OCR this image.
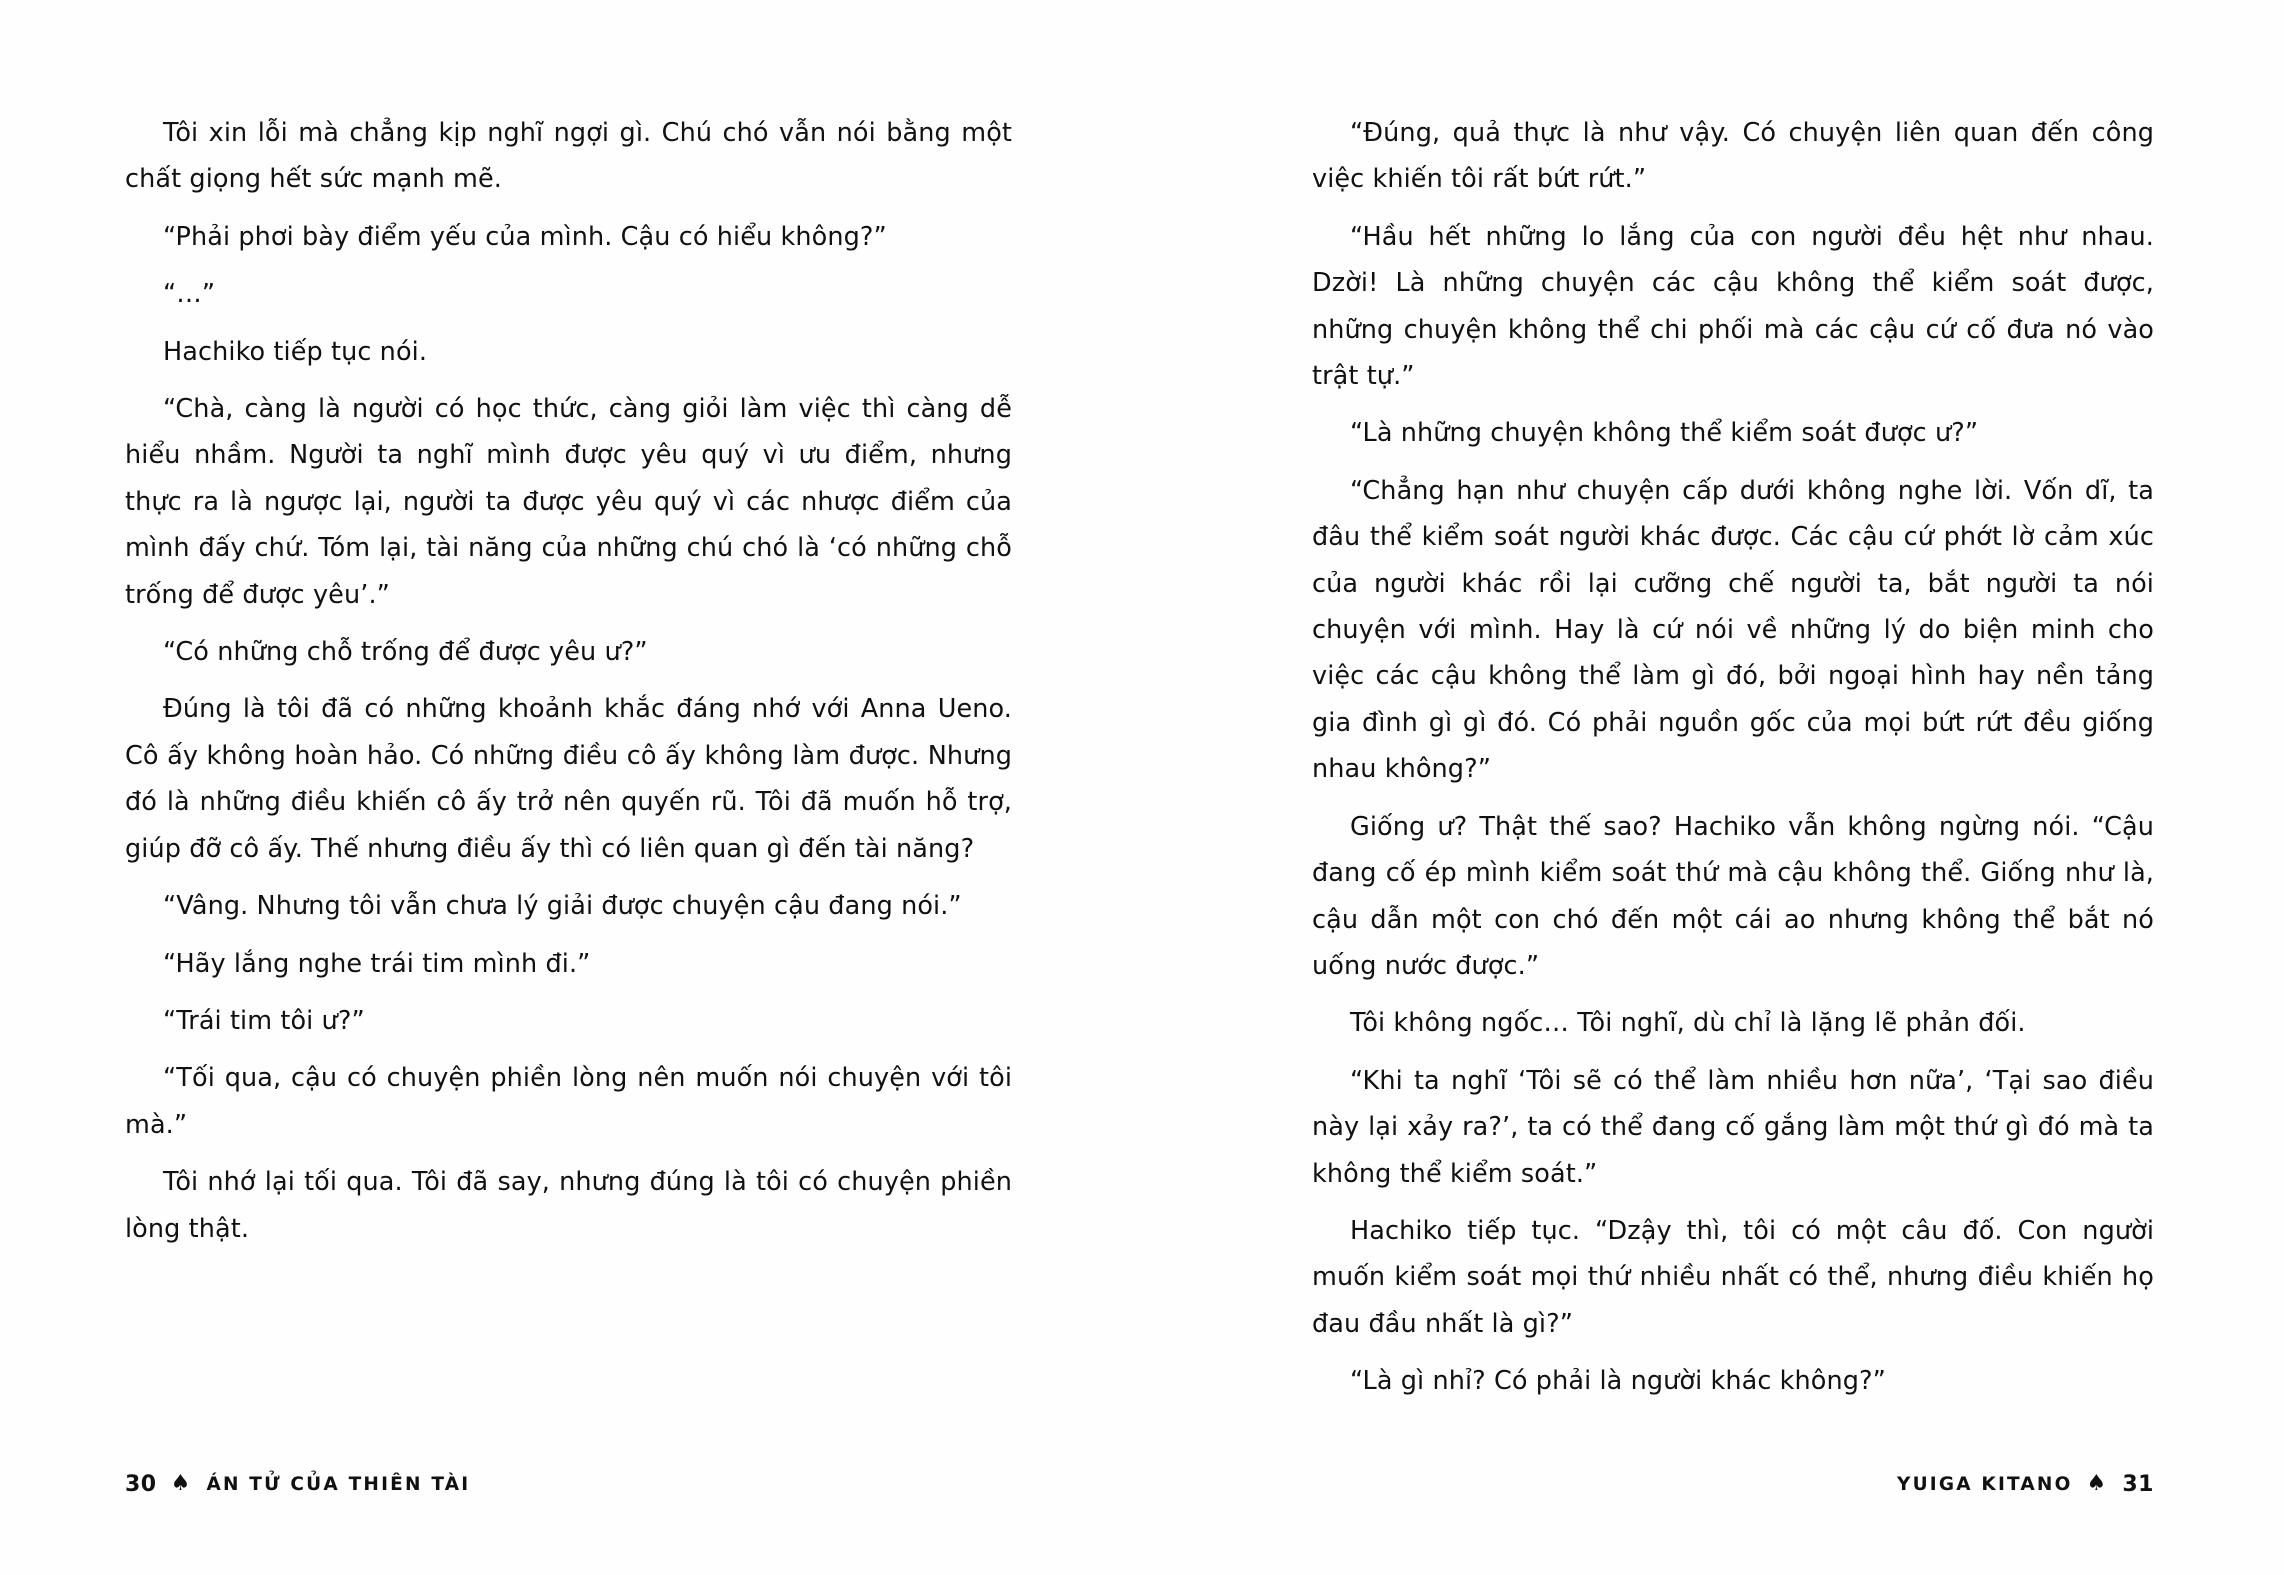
Tôi xin lỗi mà chẳng kịp nghĩ ngợi gì. Chú chó vẫn nói bằng một chất giọng hết sức mạnh mẽ.

“Phải phơi bày điểm yếu của mình. Cậu có hiểu không?”

“…”

Hachiko tiếp tục nói.

“Chà, càng là người có học thức, càng giỏi làm việc thì càng dễ hiểu nhầm. Người ta nghĩ mình được yêu quý vì ưu điểm, nhưng thực ra là ngược lại, người ta được yêu quý vì các nhược điểm của mình đấy chứ. Tóm lại, tài năng của những chú chó là ‘có những chỗ trống để được yêu’.”

“Có những chỗ trống để được yêu ư?”

Đúng là tôi đã có những khoảnh khắc đáng nhớ với Anna Ueno. Cô ấy không hoàn hảo. Có những điều cô ấy không làm được. Nhưng đó là những điều khiến cô ấy trở nên quyến rũ. Tôi đã muốn hỗ trợ, giúp đỡ cô ấy. Thế nhưng điều ấy thì có liên quan gì đến tài năng?

“Vâng. Nhưng tôi vẫn chưa lý giải được chuyện cậu đang nói.”

“Hãy lắng nghe trái tim mình đi.”

“Trái tim tôi ư?”

“Tối qua, cậu có chuyện phiền lòng nên muốn nói chuyện với tôi mà.”

Tôi nhớ lại tối qua. Tôi đã say, nhưng đúng là tôi có chuyện phiền lòng thật.

30 ♠ ÁN TỬ CỦA THIÊN TÀI

“Đúng, quả thực là như vậy. Có chuyện liên quan đến công việc khiến tôi rất bứt rứt.”

“Hầu hết những lo lắng của con người đều hệt như nhau. Dzời! Là những chuyện các cậu không thể kiểm soát được, những chuyện không thể chi phối mà các cậu cứ cố đưa nó vào trật tự.”

“Là những chuyện không thể kiểm soát được ư?”

“Chẳng hạn như chuyện cấp dưới không nghe lời. Vốn dĩ, ta đâu thể kiểm soát người khác được. Các cậu cứ phớt lờ cảm xúc của người khác rồi lại cưỡng chế người ta, bắt người ta nói chuyện với mình. Hay là cứ nói về những lý do biện minh cho việc các cậu không thể làm gì đó, bởi ngoại hình hay nền tảng gia đình gì gì đó. Có phải nguồn gốc của mọi bứt rứt đều giống nhau không?”

Giống ư? Thật thế sao? Hachiko vẫn không ngừng nói. “Cậu đang cố ép mình kiểm soát thứ mà cậu không thể. Giống như là, cậu dẫn một con chó đến một cái ao nhưng không thể bắt nó uống nước được.”

Tôi không ngốc… Tôi nghĩ, dù chỉ là lặng lẽ phản đối.

“Khi ta nghĩ ‘Tôi sẽ có thể làm nhiều hơn nữa’, ‘Tại sao điều này lại xảy ra?’, ta có thể đang cố gắng làm một thứ gì đó mà ta không thể kiểm soát.”

Hachiko tiếp tục. “Dzậy thì, tôi có một câu đố. Con người muốn kiểm soát mọi thứ nhiều nhất có thể, nhưng điều khiến họ đau đầu nhất là gì?”

“Là gì nhỉ? Có phải là người khác không?”

YUIGA KITANO ♠ 31
